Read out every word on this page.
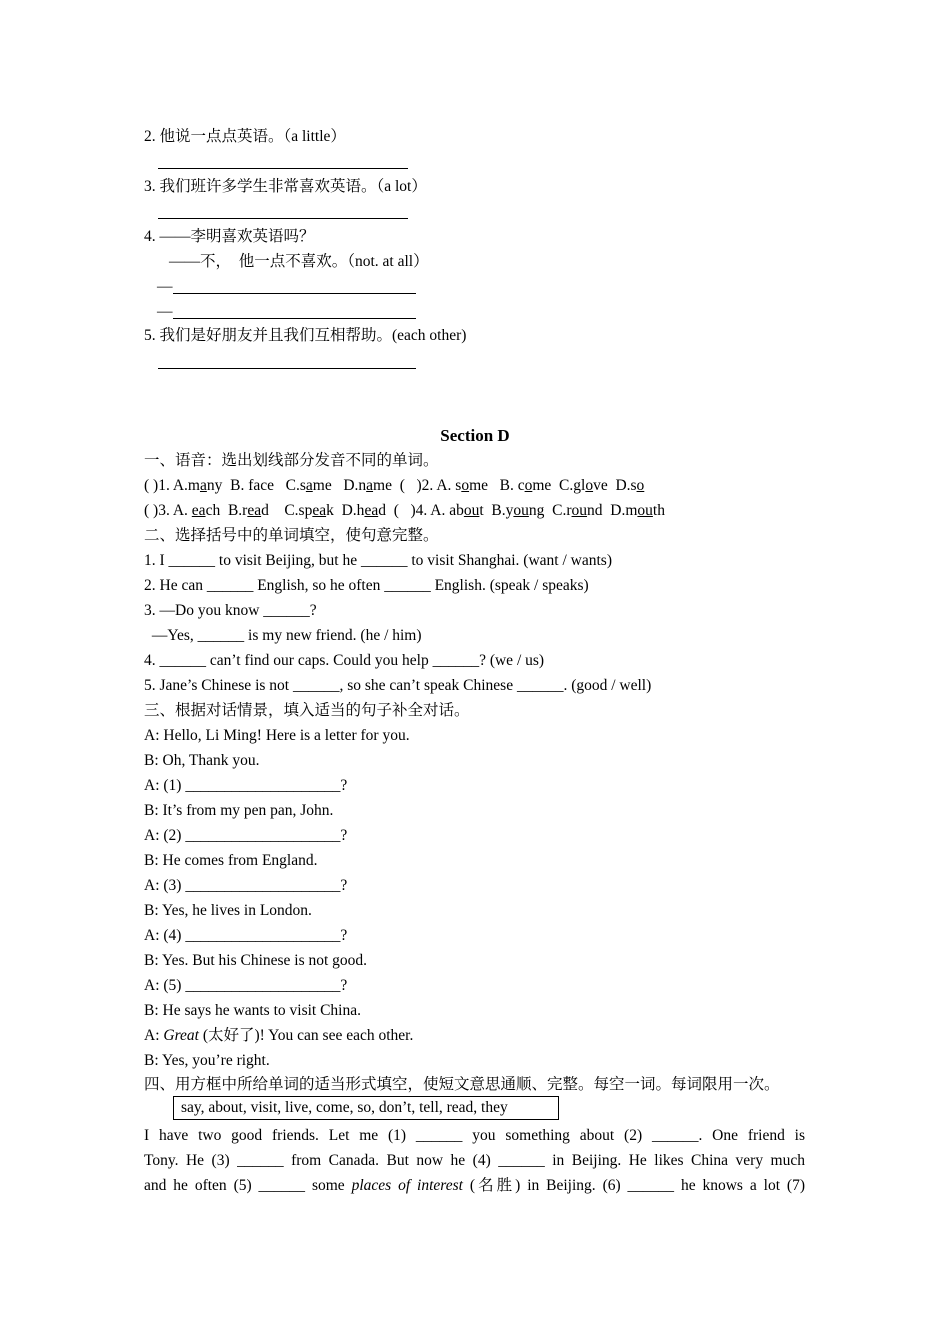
2. 他说一点点英语。（a little）
3. 我们班许多学生非常喜欢英语。（a lot）
4. ——李明喜欢英语吗？
——不，  他一点不喜欢。（not. at all）
—
—
5. 我们是好朋友并且我们互相帮助。(each other)
Section D
一、语音：选出划线部分发音不同的单词。
( )1. A.many  B. face   C.same   D.name  (   )2. A. some   B. come  C.glove  D.so
( )3. A. each  B.read    C.speak  D.head  (   )4. A. about  B.young  C.round  D.mouth
二、选择括号中的单词填空，使句意完整。
1. I ______ to visit Beijing, but he ______ to visit Shanghai. (want / wants)
2. He can ______ English, so he often ______ English. (speak / speaks)
3. —Do you know ______?
—Yes, ______ is my new friend. (he / him)
4. ______ can’t find our caps. Could you help ______? (we / us)
5. Jane’s Chinese is not ______, so she can’t speak Chinese ______. (good / well)
三、根据对话情景，填入适当的句子补全对话。
A: Hello, Li Ming! Here is a letter for you.
B: Oh, Thank you.
A: (1) ____________________?
B: It’s from my pen pan, John.
A: (2) ____________________?
B: He comes from England.
A: (3) ____________________?
B: Yes, he lives in London.
A: (4) ____________________?
B: Yes. But his Chinese is not good.
A: (5) ____________________?
B: He says he wants to visit China.
A: Great (太好了)! You can see each other.
B: Yes, you’re right.
四、用方框中所给单词的适当形式填空，使短文意思通顺、完整。每空一词。每词限用一次。
say, about, visit, live, come, so, don’t, tell, read, they
I have two good friends. Let me (1) ______ you something about (2) ______. One friend is
Tony. He (3) ______ from Canada. But now he (4) ______ in Beijing. He likes China very much
and he often (5) ______ some places of interest (名胜) in Beijing. (6) ______ he knows a lot (7)
